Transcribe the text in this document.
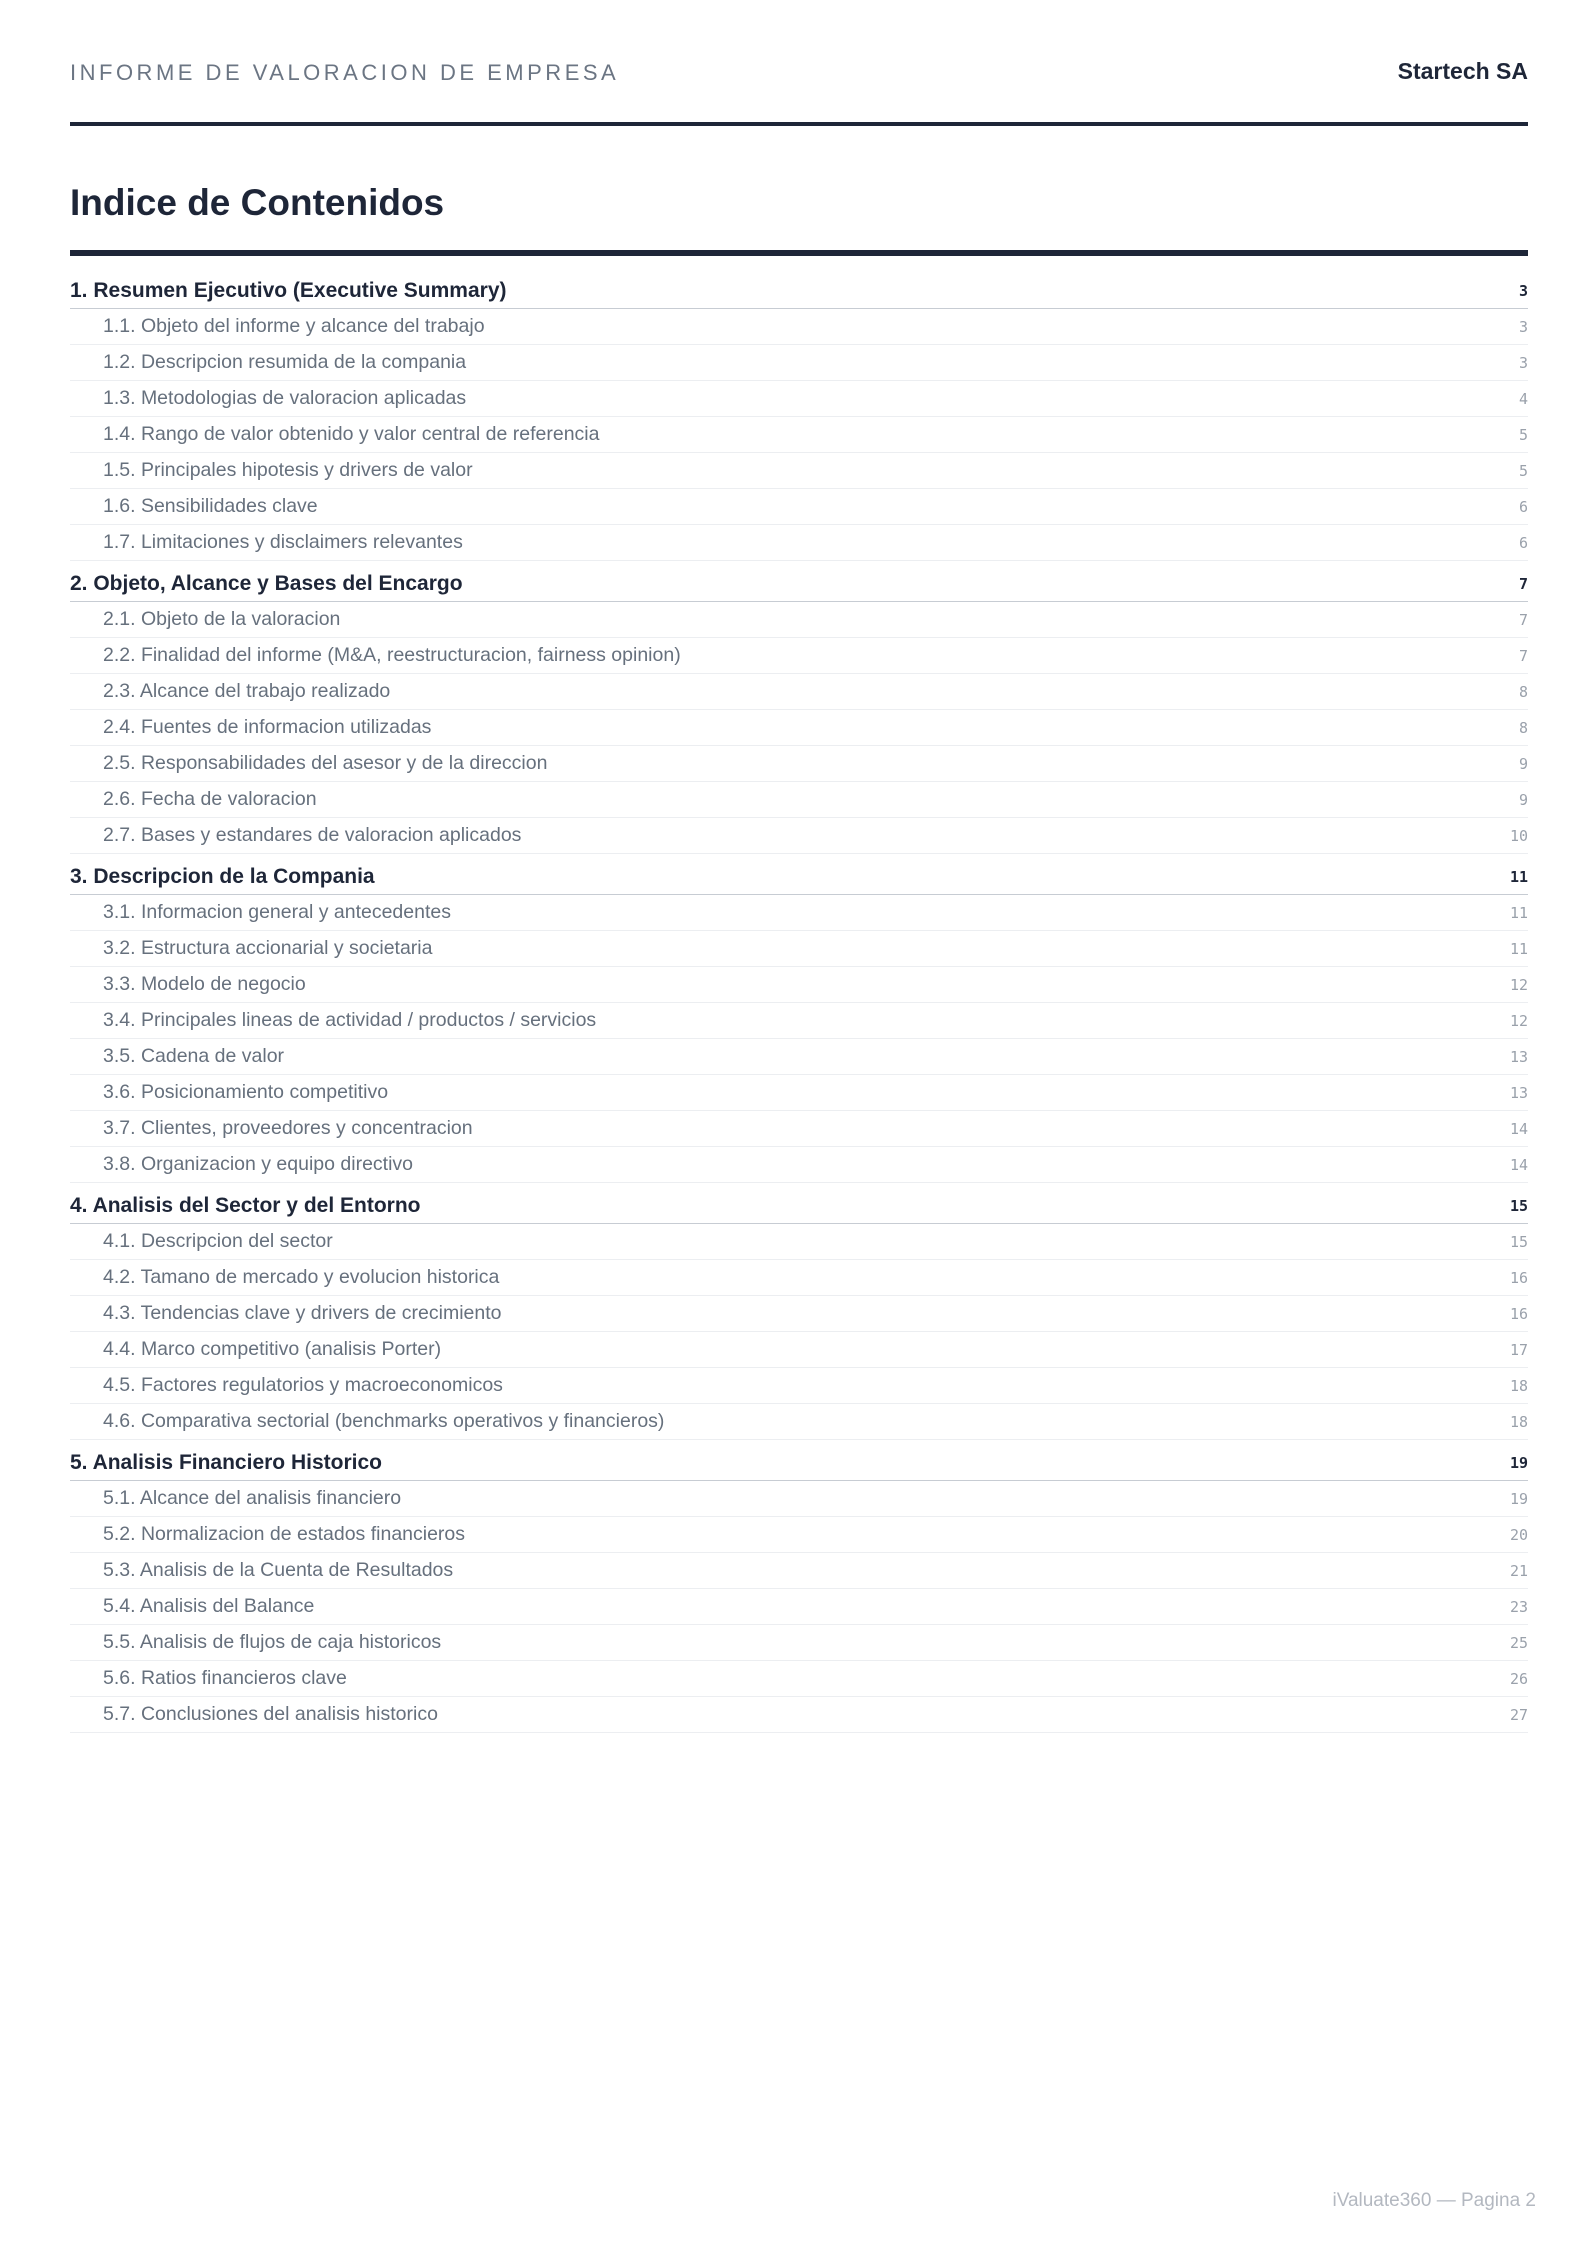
INFORME DE VALORACION DE EMPRESA	Startech SA
Indice de Contenidos
1. Resumen Ejecutivo (Executive Summary)	3
1.1. Objeto del informe y alcance del trabajo	3
1.2. Descripcion resumida de la compania	3
1.3. Metodologias de valoracion aplicadas	4
1.4. Rango de valor obtenido y valor central de referencia	5
1.5. Principales hipotesis y drivers de valor	5
1.6. Sensibilidades clave	6
1.7. Limitaciones y disclaimers relevantes	6
2. Objeto, Alcance y Bases del Encargo	7
2.1. Objeto de la valoracion	7
2.2. Finalidad del informe (M&A, reestructuracion, fairness opinion)	7
2.3. Alcance del trabajo realizado	8
2.4. Fuentes de informacion utilizadas	8
2.5. Responsabilidades del asesor y de la direccion	9
2.6. Fecha de valoracion	9
2.7. Bases y estandares de valoracion aplicados	10
3. Descripcion de la Compania	11
3.1. Informacion general y antecedentes	11
3.2. Estructura accionarial y societaria	11
3.3. Modelo de negocio	12
3.4. Principales lineas de actividad / productos / servicios	12
3.5. Cadena de valor	13
3.6. Posicionamiento competitivo	13
3.7. Clientes, proveedores y concentracion	14
3.8. Organizacion y equipo directivo	14
4. Analisis del Sector y del Entorno	15
4.1. Descripcion del sector	15
4.2. Tamano de mercado y evolucion historica	16
4.3. Tendencias clave y drivers de crecimiento	16
4.4. Marco competitivo (analisis Porter)	17
4.5. Factores regulatorios y macroeconomicos	18
4.6. Comparativa sectorial (benchmarks operativos y financieros)	18
5. Analisis Financiero Historico	19
5.1. Alcance del analisis financiero	19
5.2. Normalizacion de estados financieros	20
5.3. Analisis de la Cuenta de Resultados	21
5.4. Analisis del Balance	23
5.5. Analisis de flujos de caja historicos	25
5.6. Ratios financieros clave	26
5.7. Conclusiones del analisis historico	27
iValuate360 — Pagina 2
